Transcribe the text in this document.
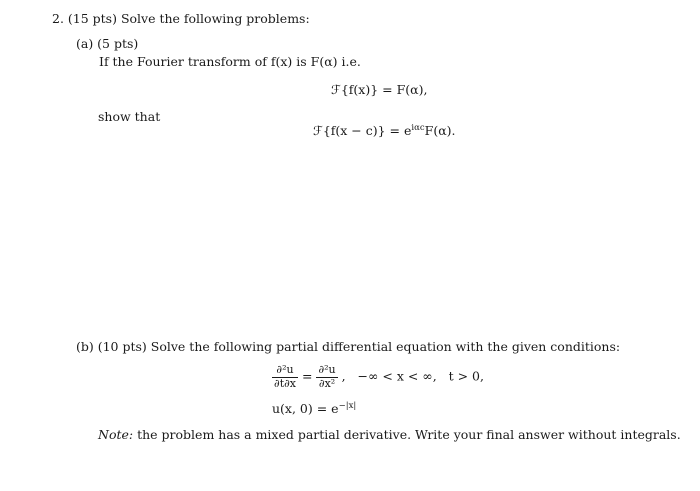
2. (15 pts) Solve the following problems:
(a) (5 pts)
If the Fourier transform of f(x) is F(α) i.e.
ℱ{f(x)} = F(α),
show that
ℱ{f(x − $c)\} = e^{i\alpha c}F(\alpha)$.
(b) (10 pts) Solve the following partial differential equation with the given conditions:
$\frac{\text{∂²u}}{\partial t\partial x} = \frac{\text{∂²u}}{\text{∂x²}}$ ,   −∞ < x < ∞,   t > 0,
u(x, $0) = e^{-|x|}$
Note: the problem has a mixed partial derivative. Write your final answer without integrals.
